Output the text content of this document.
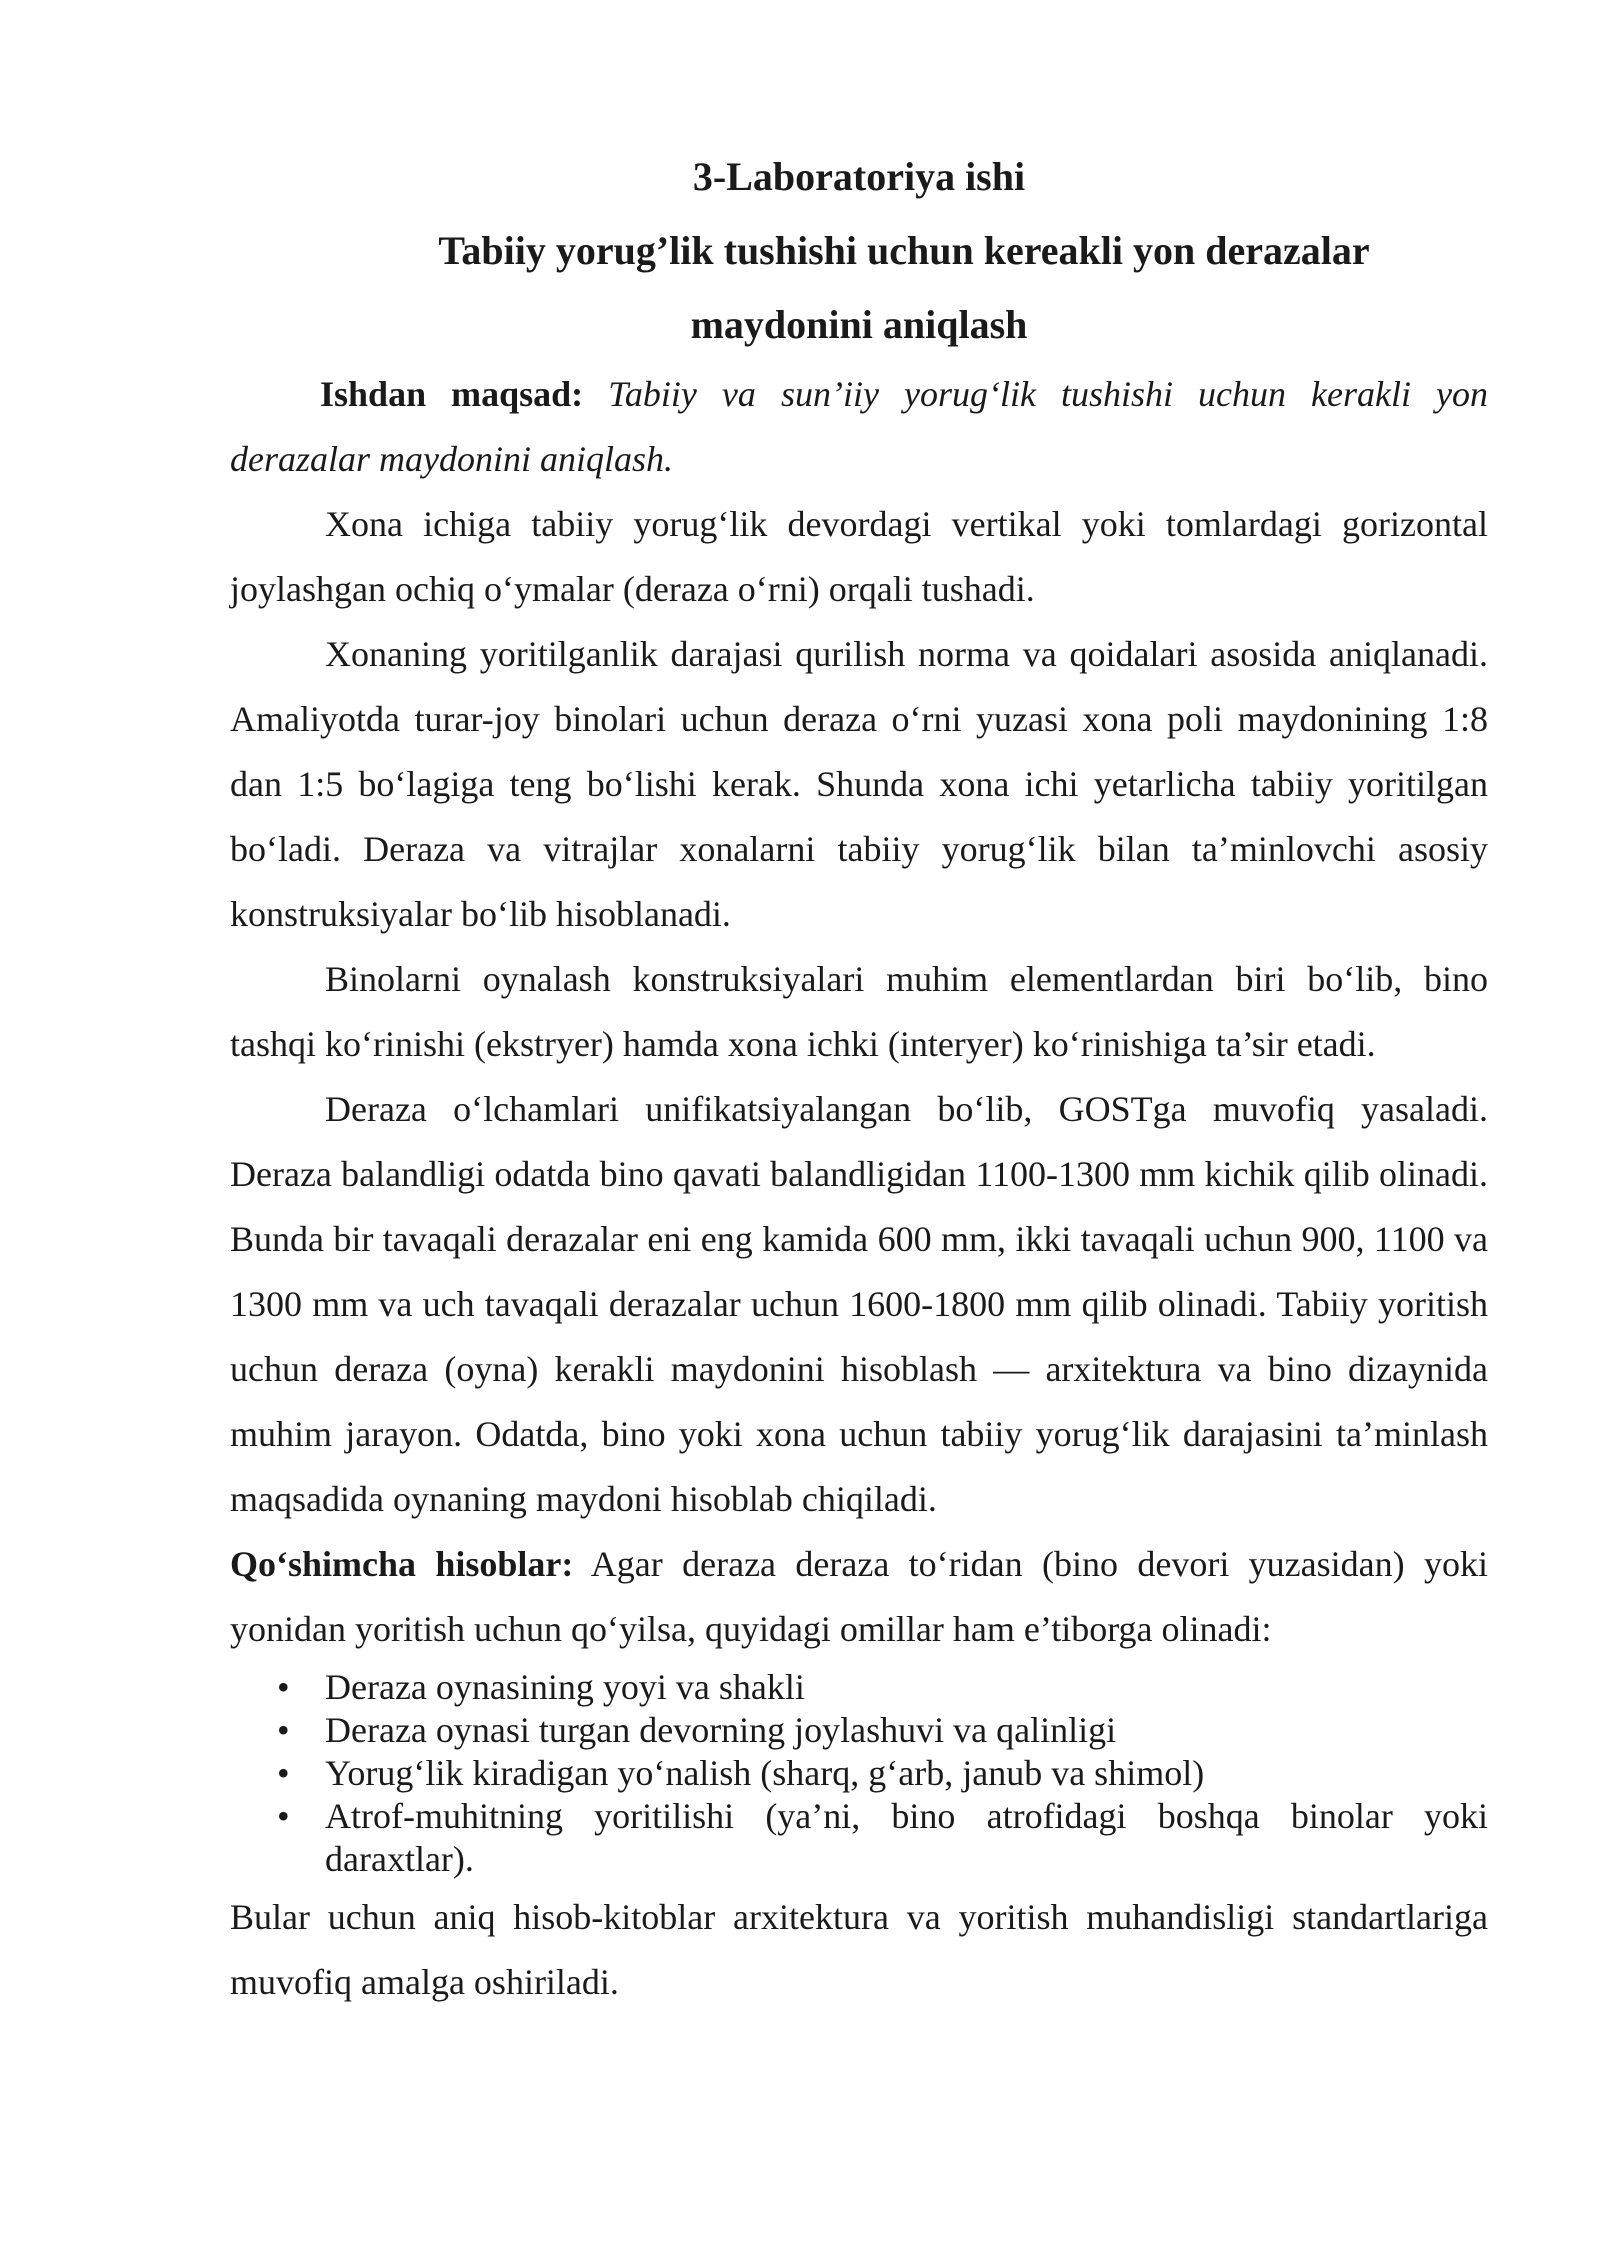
3-Laboratoriya ishi
Tabiiy yorug’lik tushishi uchun kereakli yon derazalar
maydonini aniqlash

Ishdan maqsad: Tabiiy va sun’iiy yorug‘lik tushishi uchun kerakli yon derazalar maydonini aniqlash.

Xona ichiga tabiiy yorug‘lik devordagi vertikal yoki tomlardagi gorizontal joylashgan ochiq o‘ymalar (deraza o‘rni) orqali tushadi.

Xonaning yoritilganlik darajasi qurilish norma va qoidalari asosida aniqlanadi. Amaliyotda turar-joy binolari uchun deraza o‘rni yuzasi xona poli maydonining 1:8 dan 1:5 bo‘lagiga teng bo‘lishi kerak. Shunda xona ichi yetarlicha tabiiy yoritilgan bo‘ladi. Deraza va vitrajlar xonalarni tabiiy yorug‘lik bilan ta’minlovchi asosiy konstruksiyalar bo‘lib hisoblanadi.

Binolarni oynalash konstruksiyalari muhim elementlardan biri bo‘lib, bino tashqi ko‘rinishi (ekstryer) hamda xona ichki (interyer) ko‘rinishiga ta’sir etadi.

Deraza o‘lchamlari unifikatsiyalangan bo‘lib, GOSTga muvofiq yasaladi. Deraza balandligi odatda bino qavati balandligidan 1100-1300 mm kichik qilib olinadi. Bunda bir tavaqali derazalar eni eng kamida 600 mm, ikki tavaqali uchun 900, 1100 va 1300 mm va uch tavaqali derazalar uchun 1600-1800 mm qilib olinadi. Tabiiy yoritish uchun deraza (oyna) kerakli maydonini hisoblash — arxitektura va bino dizaynida muhim jarayon. Odatda, bino yoki xona uchun tabiiy yorug‘lik darajasini ta’minlash maqsadida oynaning maydoni hisoblab chiqiladi.

Qo‘shimcha hisoblar: Agar deraza deraza to‘ridan (bino devori yuzasidan) yoki yonidan yoritish uchun qo‘yilsa, quyidagi omillar ham e’tiborga olinadi:

• Deraza oynasining yoyi va shakli
• Deraza oynasi turgan devorning joylashuvi va qalinligi
• Yorug‘lik kiradigan yo‘nalish (sharq, g‘arb, janub va shimol)
• Atrof-muhitning yoritilishi (ya’ni, bino atrofidagi boshqa binolar yoki daraxtlar).

Bular uchun aniq hisob-kitoblar arxitektura va yoritish muhandisligi standartlariga muvofiq amalga oshiriladi.
